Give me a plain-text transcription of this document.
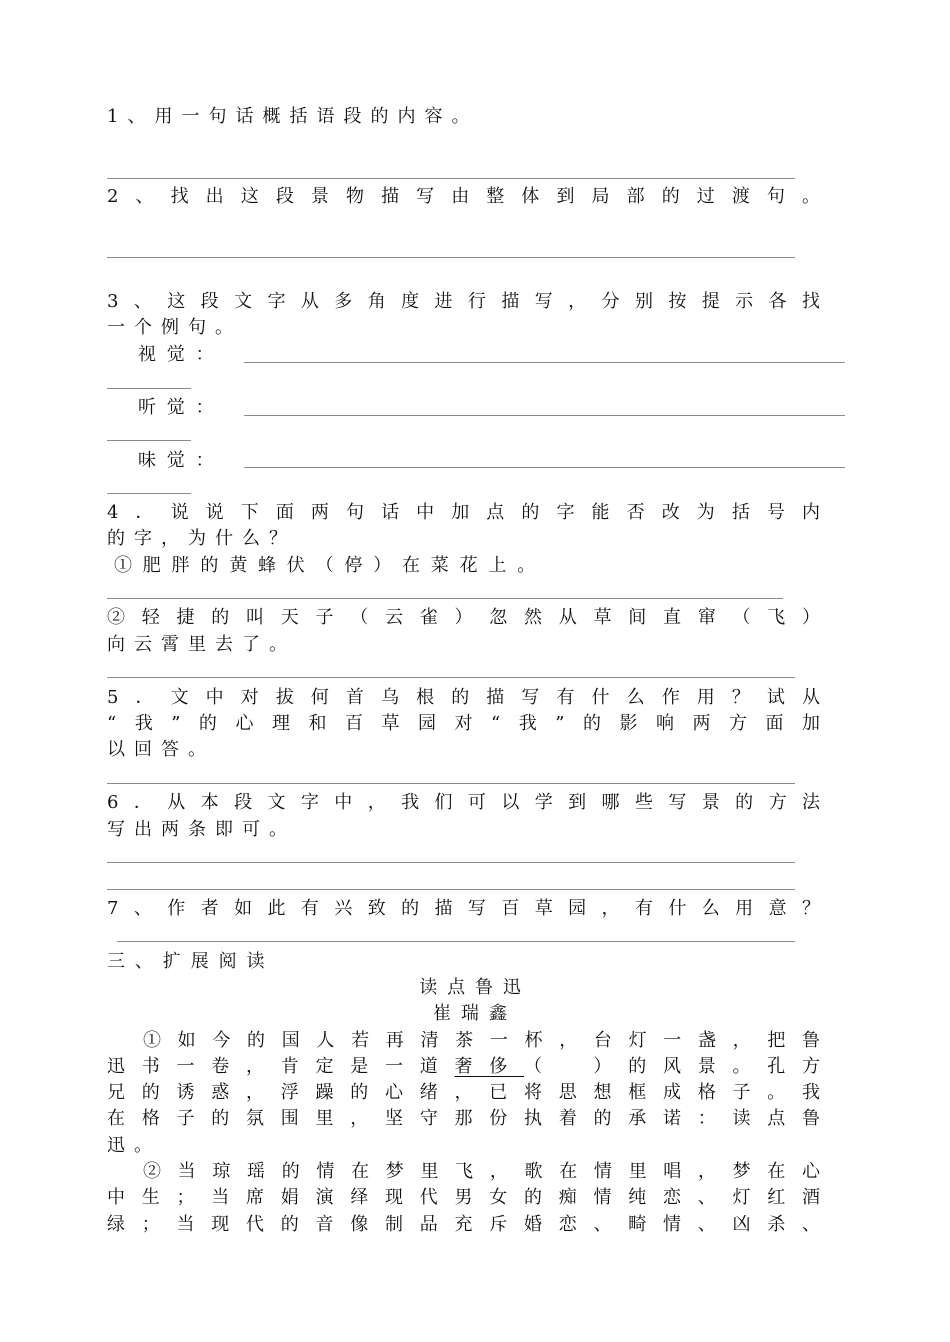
1、用一句话概括语段的内容。

2、找出这段景物描写由整体到局部的过渡句。

3、这段文字从多角度进行描写，分别按提示各找

一个例句。

视觉：

听觉：

味觉：

4．说说下面两句话中加点的字能否改为括号内

的字，为什么？

①肥胖的黄蜂伏（停）在菜花上。

②轻捷的叫天子（云雀）忽然从草间直窜（飞）

向云霄里去了。

5．文中对拔何首乌根的描写有什么作用？试从

“我”的心理和百草园对“我”的影响两方面加

以回答。

6．从本段文字中，我们可以学到哪些写景的方法

写出两条即可。

7、作者如此有兴致的描写百草园，有什么用意？

三、扩展阅读

读点鲁迅

崔瑞鑫

①如今的国人若再清茶一杯，台灯一盏，把鲁

迅书一卷，肯定是一道奢侈（　）的风景。孔方

兄的诱惑，浮躁的心绪，已将思想框成格子。我

在格子的氛围里，坚守那份执着的承诺：读点鲁

迅。

②当琼瑶的情在梦里飞，歌在情里唱，梦在心

中生；当席娟演绎现代男女的痴情纯恋、灯红酒

绿；当现代的音像制品充斥婚恋、畸情、凶杀、
